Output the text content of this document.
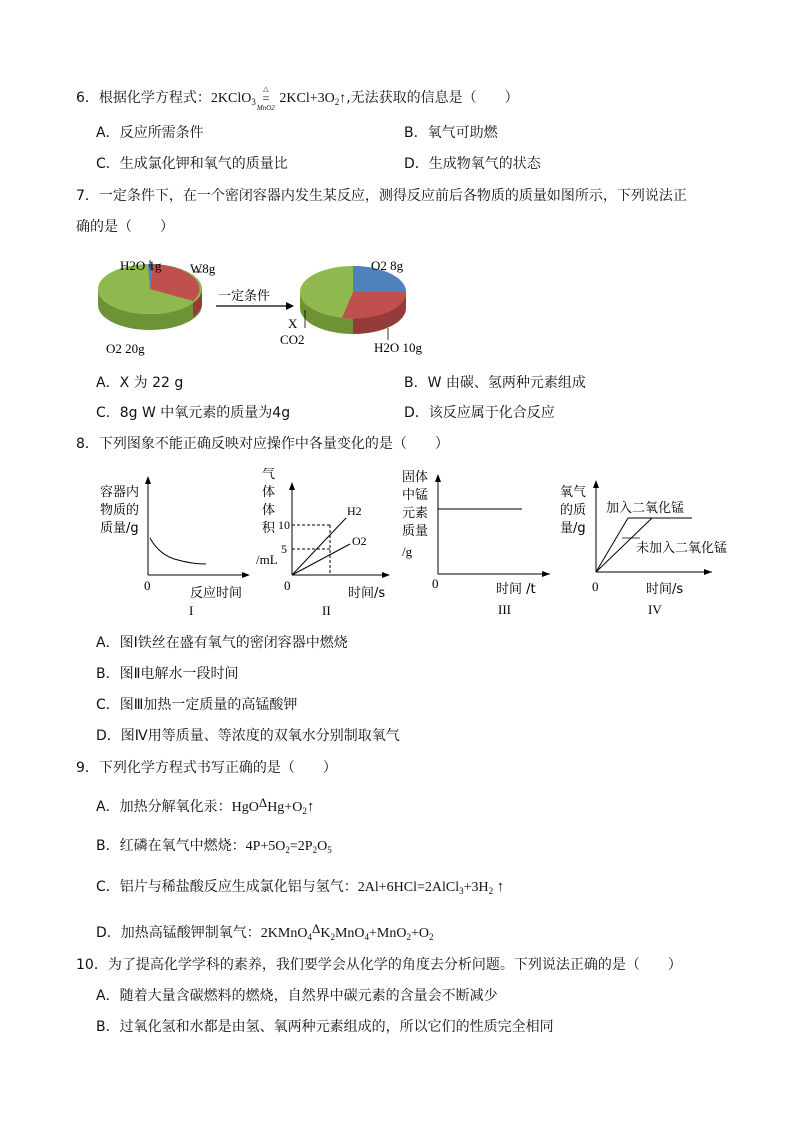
6．根据化学方程式：2KClO$_3$
△
=
MnO2
$2KCl+3O_2↑$,无法获取的信息是（　　）
A．反应所需条件	B．氧气可助燃
C．生成氯化钾和氧气的质量比	D．生成物氧气的状态
7．一定条件下，在一个密闭容器内发生某反应，测得反应前后各物质的质量如图所示，下列说法正
确的是（　　）
H2O 1g W8g
O2 20g
一定条件
O2 8g
X
CO2
H2O 10g
A．X 为 22 g	B．W 由碳、氢两种元素组成
C．8g W 中氧元素的质量为4g	D．该反应属于化合反应
8．下列图象不能正确反映对应操作中各量变化的是（　　）
容器内
物质的
质量/g
0
反应时间
I
气
体
体
积
/mL
10
5
H2
O2
0
时间/s
II
固体
中锰
元素
质量
/g
0	时间 /t
III
氧气
的质
量/g
加入二氧化锰
未加入二氧化锰
0	时间/s
IV
A．图Ⅰ铁丝在盛有氧气的密闭容器中燃烧
B．图Ⅱ电解水一段时间
C．图Ⅲ加热一定质量的高锰酸钾
D．图Ⅳ用等质量、等浓度的双氧水分别制取氧气
9．下列化学方程式书写正确的是（　　）
A．加热分解氧化汞：$HgO\Delta Hg+O_2↑$
B．红磷在氧气中燃烧：$4P+5O_2=2P_2O_5$
C．铝片与稀盐酸反应生成氯化铝与氢气：$2Al+6HCl=2AlCl_3+3H_2$ ↑
D．加热高锰酸钾制氧气：$2KMnO_4\Delta K_2MnO_4+MnO_2+O_2$
10．为了提高化学学科的素养，我们要学会从化学的角度去分析问题。下列说法正确的是（　　）
A．随着大量含碳燃料的燃烧，自然界中碳元素的含量会不断减少
B．过氧化氢和水都是由氢、氧两种元素组成的，所以它们的性质完全相同
